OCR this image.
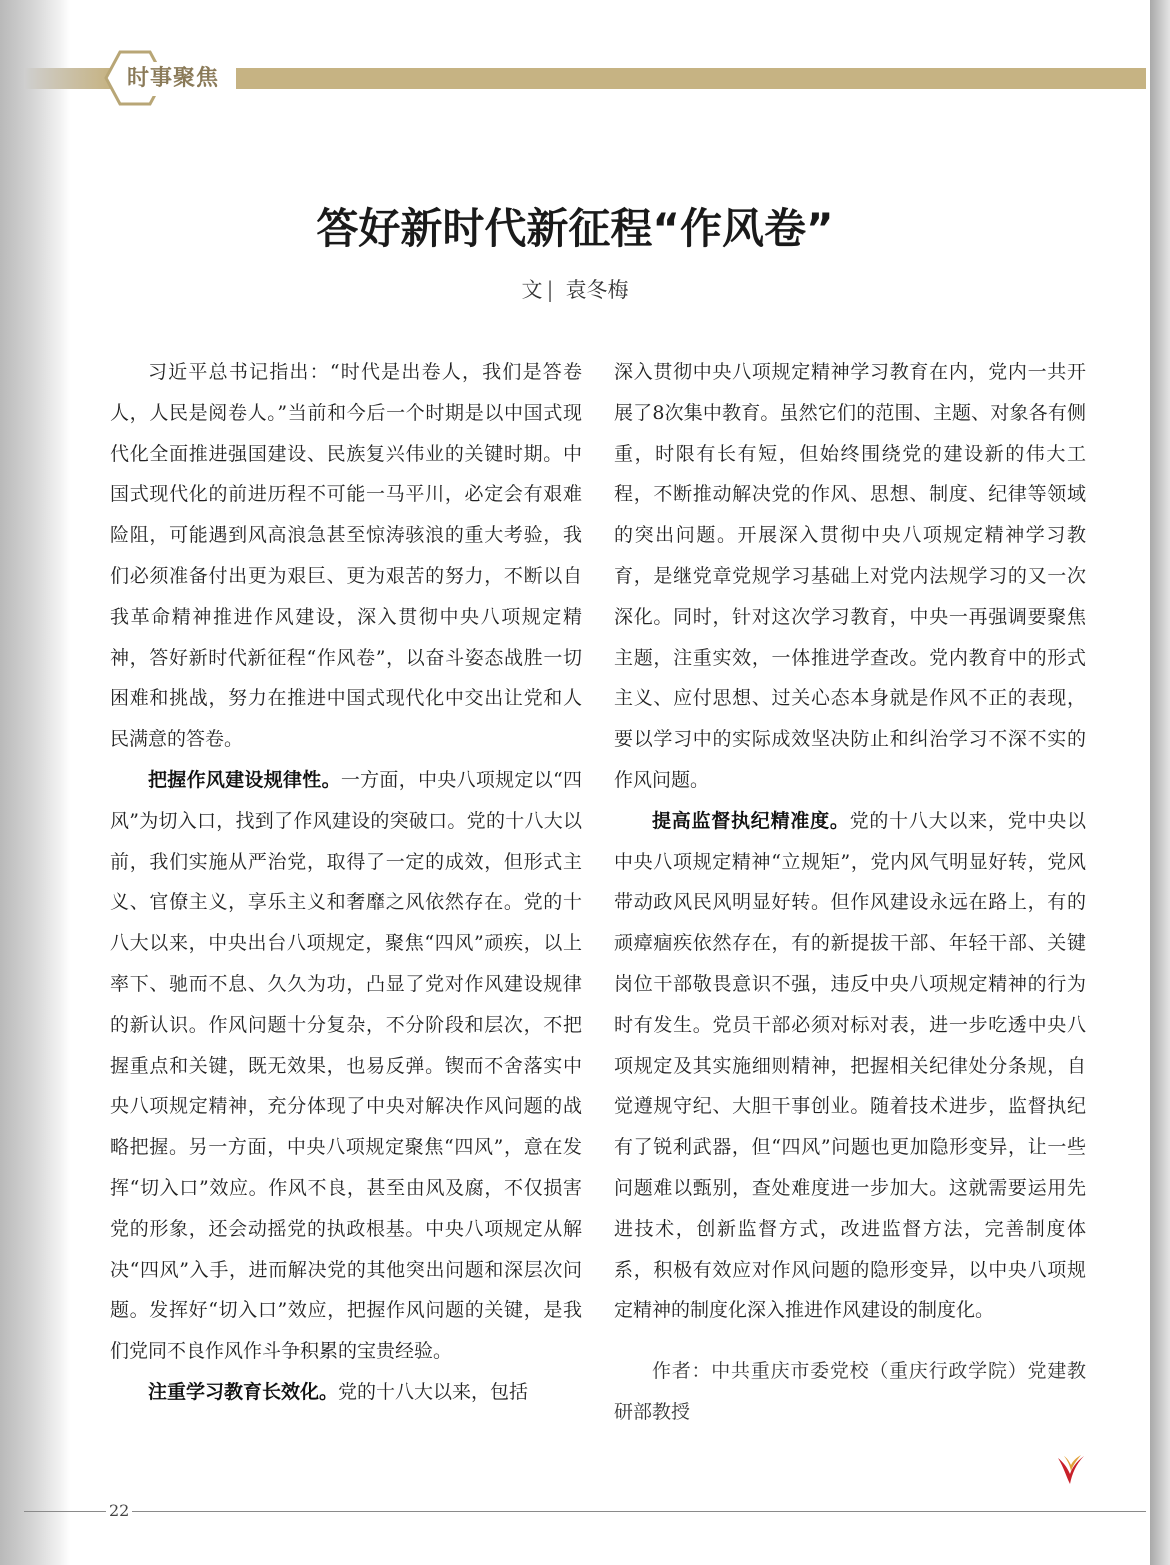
时事聚焦
答好新时代新征程“作风卷”
文 | 袁冬梅

习近平总书记指出：“时代是出卷人，我们是答卷人，人民是阅卷人。”当前和今后一个时期是以中国式现代化全面推进强国建设、民族复兴伟业的关键时期。中国式现代化的前进历程不可能一马平川，必定会有艰难险阻，可能遇到风高浪急甚至惊涛骇浪的重大考验，我们必须准备付出更为艰巨、更为艰苦的努力，不断以自我革命精神推进作风建设，深入贯彻中央八项规定精神，答好新时代新征程“作风卷”，以奋斗姿态战胜一切困难和挑战，努力在推进中国式现代化中交出让党和人民满意的答卷。

把握作风建设规律性。一方面，中央八项规定以“四风”为切入口，找到了作风建设的突破口。党的十八大以前，我们实施从严治党，取得了一定的成效，但形式主义、官僚主义，享乐主义和奢靡之风依然存在。党的十八大以来，中央出台八项规定，聚焦“四风”顽疾，以上率下、驰而不息、久久为功，凸显了党对作风建设规律的新认识。作风问题十分复杂，不分阶段和层次，不把握重点和关键，既无效果，也易反弹。锲而不舍落实中央八项规定精神，充分体现了中央对解决作风问题的战略把握。另一方面，中央八项规定聚焦“四风”，意在发挥“切入口”效应。作风不良，甚至由风及腐，不仅损害党的形象，还会动摇党的执政根基。中央八项规定从解决“四风”入手，进而解决党的其他突出问题和深层次问题。发挥好“切入口”效应，把握作风问题的关键，是我们党同不良作风作斗争积累的宝贵经验。

注重学习教育长效化。党的十八大以来，包括

深入贯彻中央八项规定精神学习教育在内，党内一共开展了8次集中教育。虽然它们的范围、主题、对象各有侧重，时限有长有短，但始终围绕党的建设新的伟大工程，不断推动解决党的作风、思想、制度、纪律等领域的突出问题。开展深入贯彻中央八项规定精神学习教育，是继党章党规学习基础上对党内法规学习的又一次深化。同时，针对这次学习教育，中央一再强调要聚焦主题，注重实效，一体推进学查改。党内教育中的形式主义、应付思想、过关心态本身就是作风不正的表现，要以学习中的实际成效坚决防止和纠治学习不深不实的作风问题。

提高监督执纪精准度。党的十八大以来，党中央以中央八项规定精神“立规矩”，党内风气明显好转，党风带动政风民风明显好转。但作风建设永远在路上，有的顽瘴痼疾依然存在，有的新提拔干部、年轻干部、关键岗位干部敬畏意识不强，违反中央八项规定精神的行为时有发生。党员干部必须对标对表，进一步吃透中央八项规定及其实施细则精神，把握相关纪律处分条规，自觉遵规守纪、大胆干事创业。随着技术进步，监督执纪有了锐利武器，但“四风”问题也更加隐形变异，让一些问题难以甄别，查处难度进一步加大。这就需要运用先进技术，创新监督方式，改进监督方法，完善制度体系，积极有效应对作风问题的隐形变异，以中央八项规定精神的制度化深入推进作风建设的制度化。

作者：中共重庆市委党校（重庆行政学院）党建教研部教授

22
